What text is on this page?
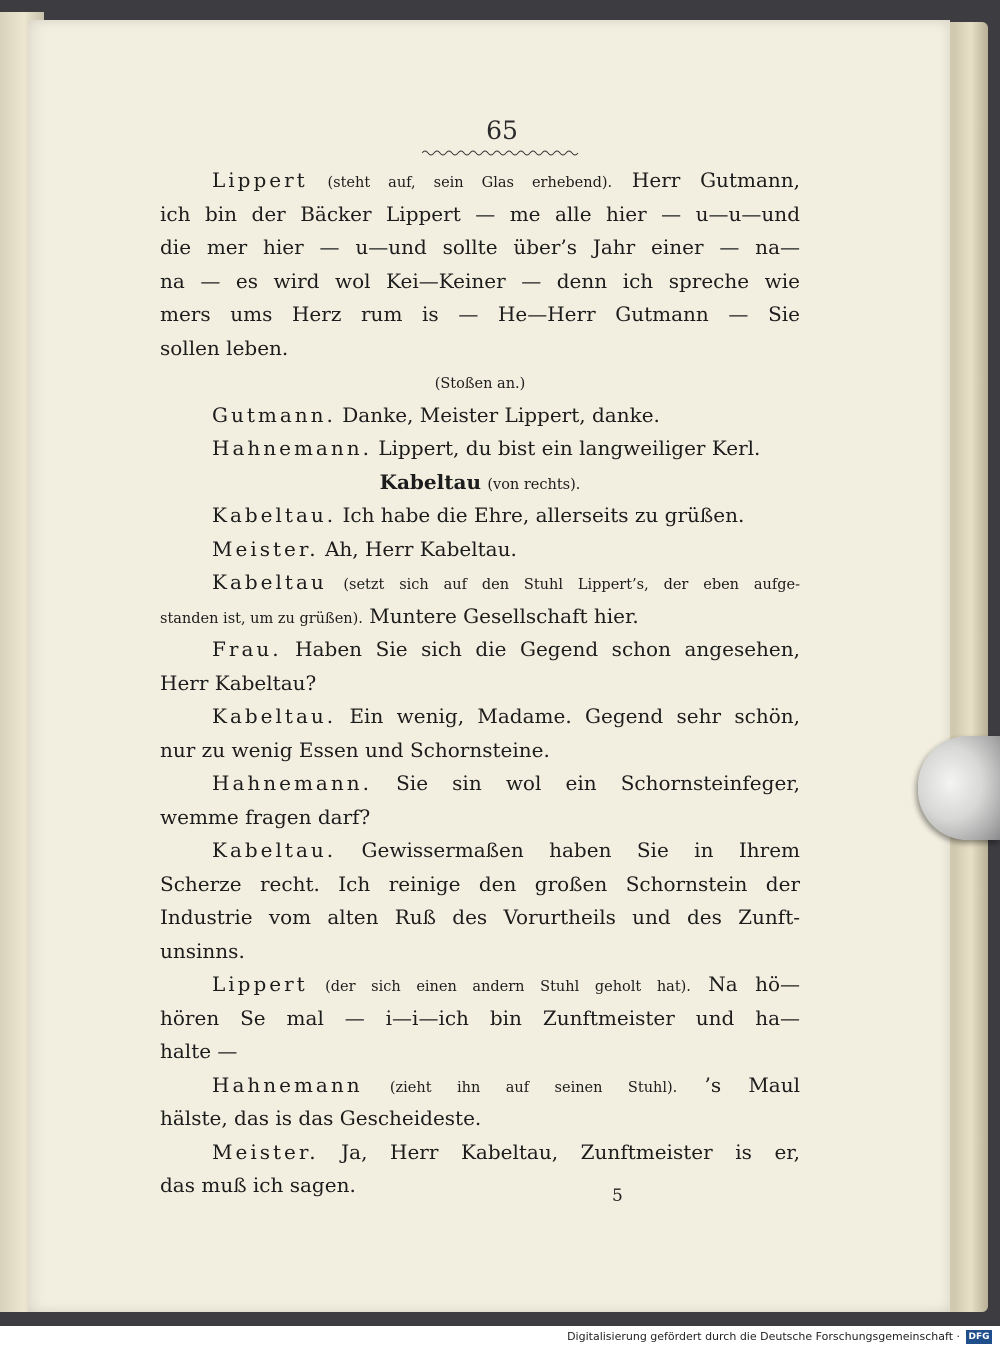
65
Lippert (steht auf, sein Glas erhebend). Herr Gutmann,
ich bin der Bäcker Lippert — me alle hier — u—u—und
die mer hier — u—und sollte über’s Jahr einer — na—
na — es wird wol Kei—Keiner — denn ich spreche wie
mers ums Herz rum is — He—Herr Gutmann — Sie
sollen leben.
(Stoßen an.)
Gutmann. Danke, Meister Lippert, danke.
Hahnemann. Lippert, du bist ein langweiliger Kerl.
Kabeltau (von rechts).
Kabeltau. Ich habe die Ehre, allerseits zu grüßen.
Meister. Ah, Herr Kabeltau.
Kabeltau (setzt sich auf den Stuhl Lippert’s, der eben aufge-
standen ist, um zu grüßen). Muntere Gesellschaft hier.
Frau. Haben Sie sich die Gegend schon angesehen,
Herr Kabeltau?
Kabeltau. Ein wenig, Madame. Gegend sehr schön,
nur zu wenig Essen und Schornsteine.
Hahnemann. Sie sin wol ein Schornsteinfeger,
wemme fragen darf?
Kabeltau. Gewissermaßen haben Sie in Ihrem
Scherze recht. Ich reinige den großen Schornstein der
Industrie vom alten Ruß des Vorurtheils und des Zunft-
unsinns.
Lippert (der sich einen andern Stuhl geholt hat). Na hö—
hören Se mal — i—i—ich bin Zunftmeister und ha—
halte —
Hahnemann (zieht ihn auf seinen Stuhl). ’s Maul
hälste, das is das Gescheideste.
Meister. Ja, Herr Kabeltau, Zunftmeister is er,
das muß ich sagen.	5
Digitalisierung gefördert durch die Deutsche Forschungsgemeinschaft · DFG
